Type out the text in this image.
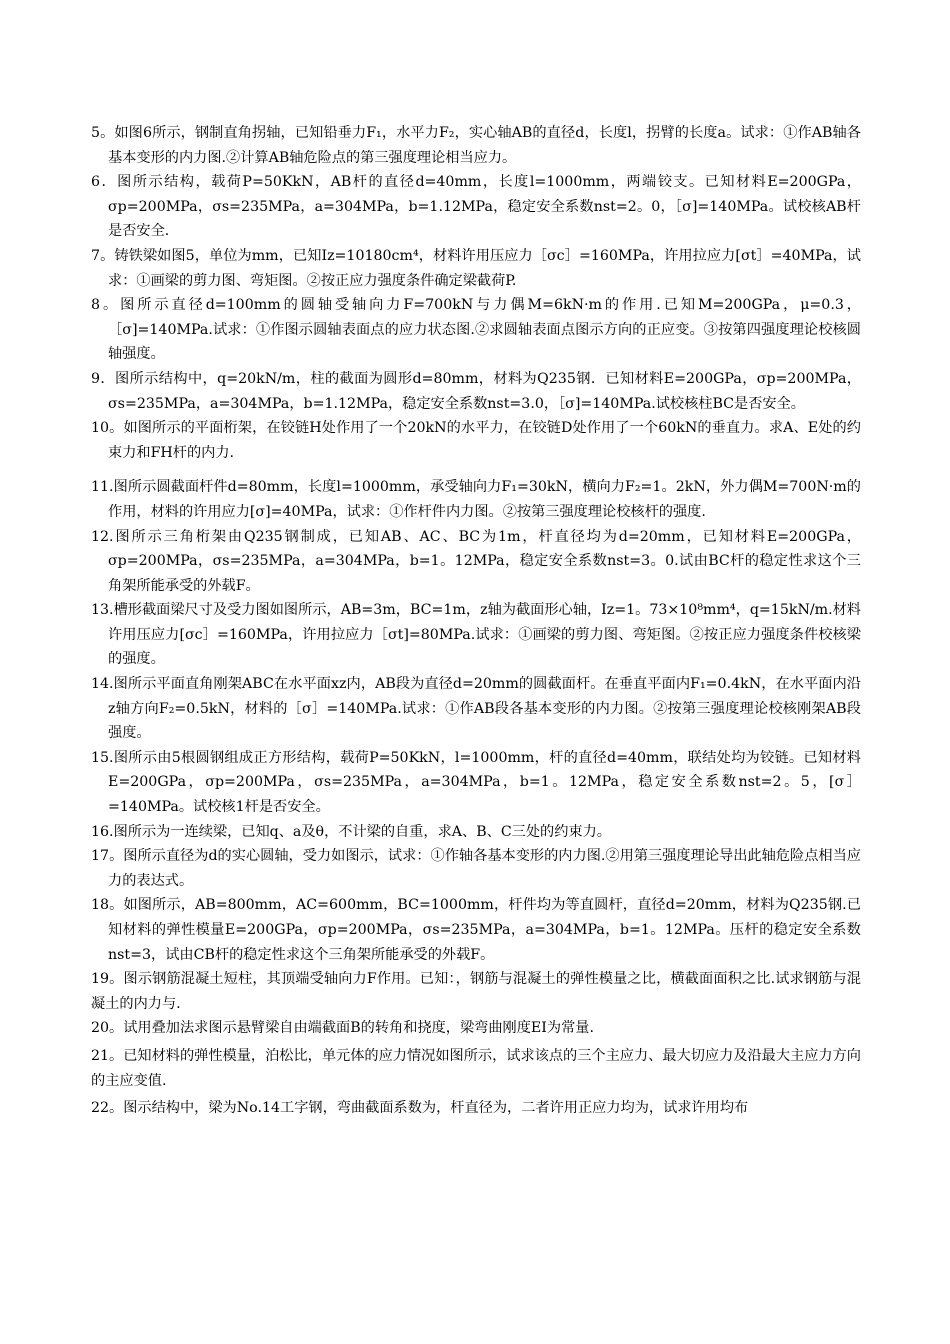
5。如图6所示，钢制直角拐轴，已知铅垂力F₁，水平力F₂，实心轴AB的直径d，长度l，拐臂的长度a。试求：①作AB轴各基本变形的内力图.②计算AB轴危险点的第三强度理论相当应力。

6．图所示结构，载荷P=50KkN，AB杆的直径d=40mm，长度l=1000mm，两端铰支。已知材料E=200GPa，σp=200MPa，σs=235MPa，a=304MPa，b=1.12MPa，稳定安全系数nst=2。0，［σ]=140MPa。试校核AB杆是否安全.

7。铸铁梁如图5，单位为mm，已知Iz=10180cm⁴，材料许用压应力［σc］=160MPa，许用拉应力[σt］=40MPa，试求：①画梁的剪力图、弯矩图。②按正应力强度条件确定梁截荷P.

8。图所示直径d=100mm的圆轴受轴向力F=700kN与力偶M=6kN·m的作用.已知M=200GPa，μ=0.3，［σ]=140MPa.试求：①作图示圆轴表面点的应力状态图.②求圆轴表面点图示方向的正应变。③按第四强度理论校核圆轴强度。

9．图所示结构中，q=20kN/m，柱的截面为圆形d=80mm，材料为Q235钢．已知材料E=200GPa，σp=200MPa，σs=235MPa，a=304MPa，b=1.12MPa，稳定安全系数nst=3.0，［σ]=140MPa.试校核柱BC是否安全。

10。如图所示的平面桁架，在铰链H处作用了一个20kN的水平力，在铰链D处作用了一个60kN的垂直力。求A、E处的约束力和FH杆的内力.

11.图所示圆截面杆件d=80mm，长度l=1000mm，承受轴向力F₁=30kN，横向力F₂=1。2kN，外力偶M=700N·m的作用，材料的许用应力[σ]=40MPa，试求：①作杆件内力图。②按第三强度理论校核杆的强度.

12.图所示三角桁架由Q235钢制成，已知AB、AC、BC为1m，杆直径均为d=20mm，已知材料E=200GPa，σp=200MPa，σs=235MPa，a=304MPa，b=1。12MPa，稳定安全系数nst=3。0.试由BC杆的稳定性求这个三角架所能承受的外载F。

13.槽形截面梁尺寸及受力图如图所示，AB=3m，BC=1m，z轴为截面形心轴，Iz=1。73×10⁸mm⁴，q=15kN/m.材料许用压应力[σc］=160MPa，许用拉应力［σt]=80MPa.试求：①画梁的剪力图、弯矩图。②按正应力强度条件校核梁的强度。

14.图所示平面直角刚架ABC在水平面xz内，AB段为直径d=20mm的圆截面杆。在垂直平面内F₁=0.4kN，在水平面内沿z轴方向F₂=0.5kN，材料的［σ］=140MPa.试求：①作AB段各基本变形的内力图。②按第三强度理论校核刚架AB段强度。

15.图所示由5根圆钢组成正方形结构，载荷P=50KkN，l=1000mm，杆的直径d=40mm，联结处均为铰链。已知材料E=200GPa，σp=200MPa，σs=235MPa，a=304MPa，b=1。12MPa，稳定安全系数nst=2。5，[σ］=140MPa。试校核1杆是否安全。

16.图所示为一连续梁，已知q、a及θ，不计梁的自重，求A、B、C三处的约束力。

17。图所示直径为d的实心圆轴，受力如图示，试求：①作轴各基本变形的内力图.②用第三强度理论导出此轴危险点相当应力的表达式。

18。如图所示，AB=800mm，AC=600mm，BC=1000mm，杆件均为等直圆杆，直径d=20mm，材料为Q235钢.已知材料的弹性模量E=200GPa，σp=200MPa，σs=235MPa，a=304MPa，b=1。12MPa。压杆的稳定安全系数nst=3，试由CB杆的稳定性求这个三角架所能承受的外载F。

19。图示钢筋混凝土短柱，其顶端受轴向力F作用。已知：，钢筋与混凝土的弹性模量之比，横截面面积之比.试求钢筋与混凝土的内力与.

20。试用叠加法求图示悬臂梁自由端截面B的转角和挠度，梁弯曲刚度EI为常量.

21。已知材料的弹性模量，泊松比，单元体的应力情况如图所示，试求该点的三个主应力、最大切应力及沿最大主应力方向的主应变值.

22。图示结构中，梁为No.14工字钢，弯曲截面系数为，杆直径为，二者许用正应力均为，试求许用均布
